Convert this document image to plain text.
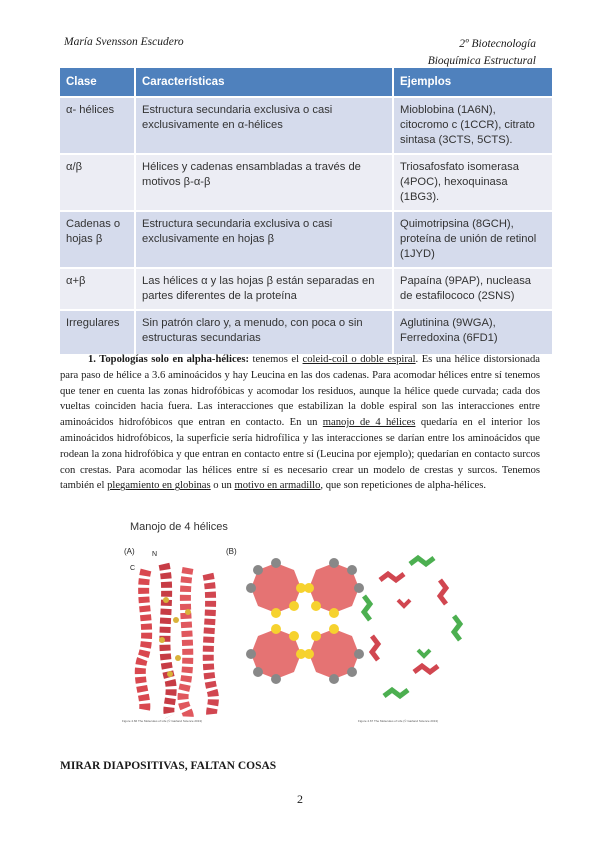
María Svensson Escudero	2º Biotecnología
Bioquímica Estructural
Clase	Características	Ejemplos
α- hélices	Estructura secundaria exclusiva o casi exclusivamente en α-hélices	Mioblobina (1A6N), citocromo c (1CCR), citrato sintasa (3CTS, 5CTS).
α/β	Hélices y cadenas ensambladas a través de motivos β-α-β	Triosafosfato isomerasa (4POC), hexoquinasa (1BG3).
Cadenas o hojas β	Estructura secundaria exclusiva o casi exclusivamente en hojas β	Quimotripsina (8GCH), proteína de unión de retinol (1JYD)
α+β	Las hélices α y las hojas β están separadas en partes diferentes de la proteína	Papaína (9PAP), nucleasa de estafilococo (2SNS)
Irregulares	Sin patrón claro y, a menudo, con poca o sin estructuras secundarias	Aglutinina (9WGA), Ferredoxina (6FD1)
1. Topologías solo en alpha-hélices: tenemos el coleid-coil o doble espiral. Es una hélice distorsionada para paso de hélice a 3.6 aminoácidos y hay Leucina en las dos cadenas. Para acomodar hélices entre sí tenemos que tener en cuenta las zonas hidrofóbicas y acomodar los residuos, aunque la hélice quede curvada; cada dos vueltas coinciden hacia fuera. Las interacciones que estabilizan la doble espiral son las interacciones entre aminoácidos hidrofóbicos que entran en contacto. En un manojo de 4 hélices quedaría en el interior los aminoácidos hidrofóbicos, la superficie sería hidrofílica y las interacciones se darían entre los aminoácidos que rodean la zona hidrofóbica y que entran en contacto entre sí (Leucina por ejemplo); quedarían en contacto surcos con crestas. Para acomodar las hélices entre sí es necesario crear un modelo de crestas y surcos. Tenemos también el plegamiento en globinas o un motivo en armadillo, que son repeticiones de alpha-hélices.
Manojo de 4 hélices
(A) N
C
Figure 4.66 The Molecules of Life (© Garland Science 2013)
(B)
Figure 4.67 The Molecules of Life (© Garland Science 2013)
MIRAR DIAPOSITIVAS, FALTAN COSAS
2
